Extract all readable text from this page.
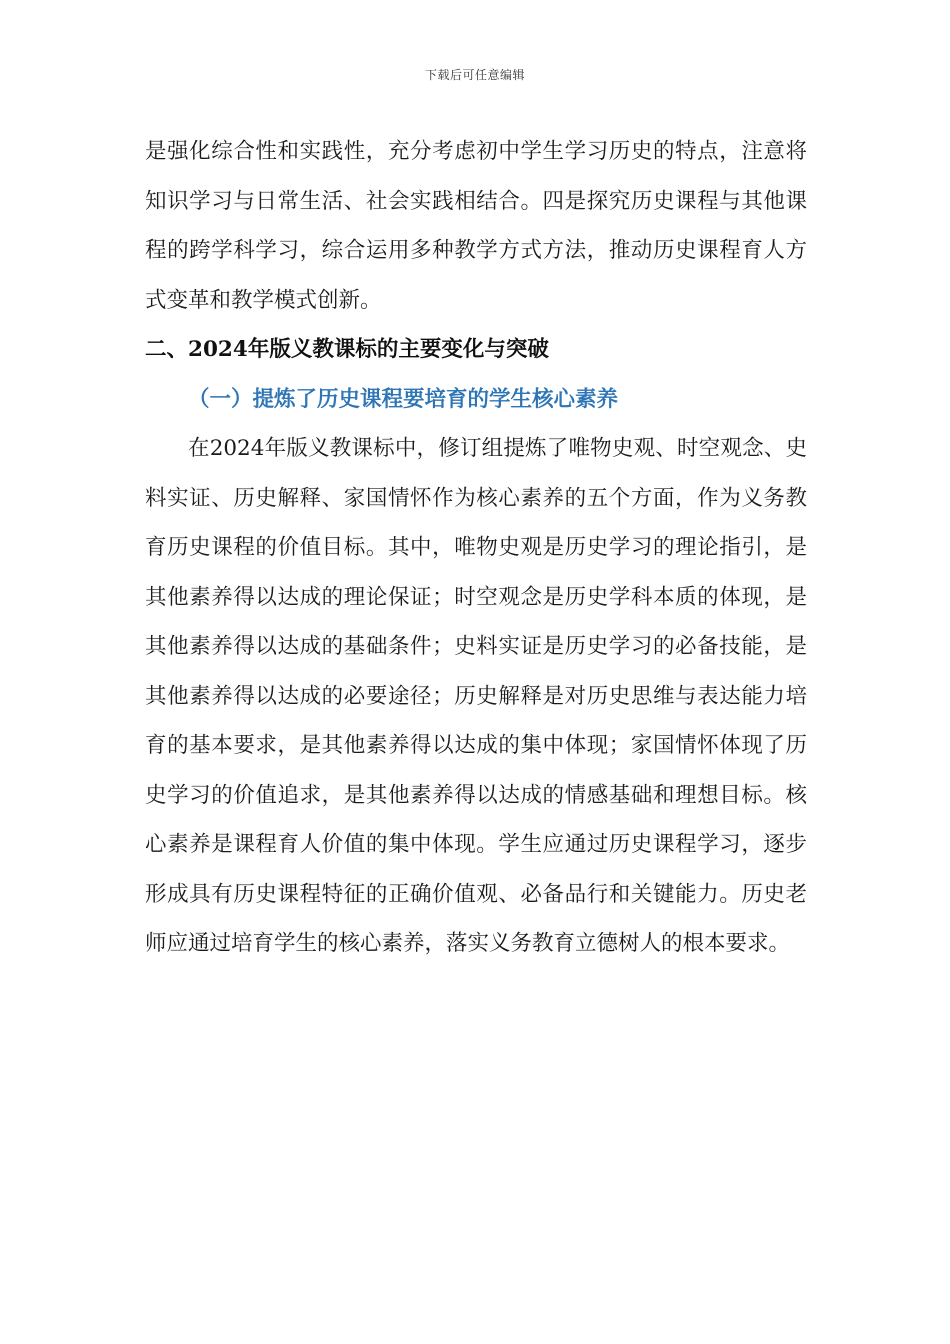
下载后可任意编辑

是强化综合性和实践性，充分考虑初中学生学习历史的特点，注意将知识学习与日常生活、社会实践相结合。四是探究历史课程与其他课程的跨学科学习，综合运用多种教学方式方法，推动历史课程育人方式变革和教学模式创新。

二、2024年版义教课标的主要变化与突破
（一）提炼了历史课程要培育的学生核心素养

在2024年版义教课标中，修订组提炼了唯物史观、时空观念、史料实证、历史解释、家国情怀作为核心素养的五个方面，作为义务教育历史课程的价值目标。其中，唯物史观是历史学习的理论指引，是其他素养得以达成的理论保证；时空观念是历史学科本质的体现，是其他素养得以达成的基础条件；史料实证是历史学习的必备技能，是其他素养得以达成的必要途径；历史解释是对历史思维与表达能力培育的基本要求，是其他素养得以达成的集中体现；家国情怀体现了历史学习的价值追求，是其他素养得以达成的情感基础和理想目标。核心素养是课程育人价值的集中体现。学生应通过历史课程学习，逐步形成具有历史课程特征的正确价值观、必备品行和关键能力。历史老师应通过培育学生的核心素养，落实义务教育立德树人的根本要求。
